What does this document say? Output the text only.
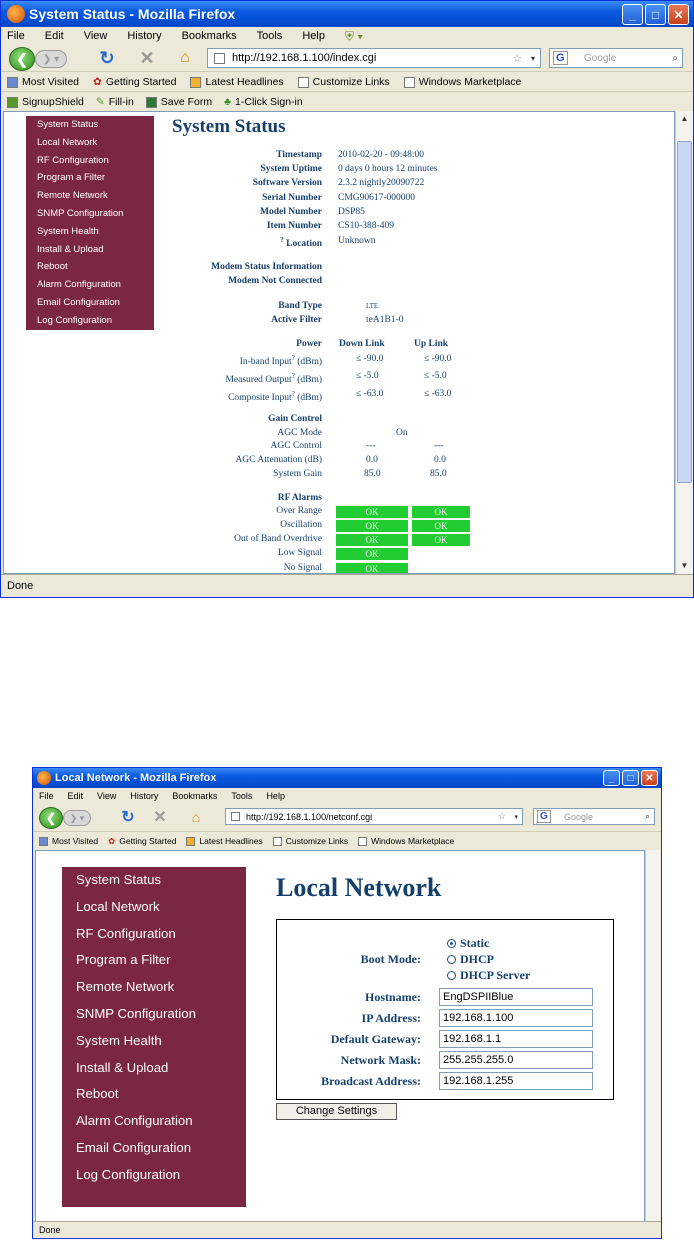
System Status - Mozilla Firefox	_	□	✕
File Edit View History Bookmarks Tools Help ⛨ ▾
❮	❯ ▾	↻ ✕	⌂	http://192.168.1.100/index.cgi	☆ ▾ G	Google	⌕
Most Visited ✿ Getting Started	Latest Headlines	Customize Links	Windows Marketplace
SignupShield ✎ Fill-in	Save Form ♣ 1-Click Sign-in
System Status
Local Network
RF Configuration
Program a Filter
Remote Network
SNMP Configuration
System Health
Install & Upload
Reboot
Alarm Configuration
Email Configuration
Log Configuration
System Status
Timestamp 2010-02-20 - 09:48:00
System Uptime 0 days 0 hours 12 minutes
Software Version 2.3.2 nightly20090722
Serial Number CMG90617-000000
Model Number DSP85
Item Number CS10-388-409
? Location Unknown
Modem Status Information
Modem Not Connected
Band Type	LTE
Active Filter	teA1B1-0
Power Down Link	Up Link
In-band Input? (dBm)	≤ -90.0	≤ -90.0
Measured Output? (dBm)	≤ -5.0	≤ -5.0
Composite Input? (dBm)	≤ -63.0	≤ -63.0
Gain Control
AGC Mode	On
AGC Control	---	---
AGC Attenuation (dB)	0.0	0.0
System Gain	85.0	85.0
RF Alarms
Over Range	OK	OK
Oscillation	OK	OK
Out of Band Overdrive	OK	OK
Low Signal	OK
No Signal	OK
▲
▼
Done
Local Network - Mozilla Firefox	_	□	✕
File Edit View History Bookmarks Tools Help
❮	❯ ▾	↻ ✕	⌂	http://192.168.1.100/netconf.cgi	☆ ▾	G	Google	⌕
Most Visited ✿ Getting Started	Latest Headlines	Customize Links	Windows Marketplace
System Status
Local Network
RF Configuration
Program a Filter
Remote Network
SNMP Configuration
System Health
Install & Upload
Reboot
Alarm Configuration
Email Configuration
Log Configuration
Local Network
Boot Mode:
Static
DHCP
DHCP Server
Hostname:	EngDSPIIBlue
IP Address:	192.168.1.100
Default Gateway:	192.168.1.1
Network Mask:	255.255.255.0
Broadcast Address:	192.168.1.255
Change Settings
Done
